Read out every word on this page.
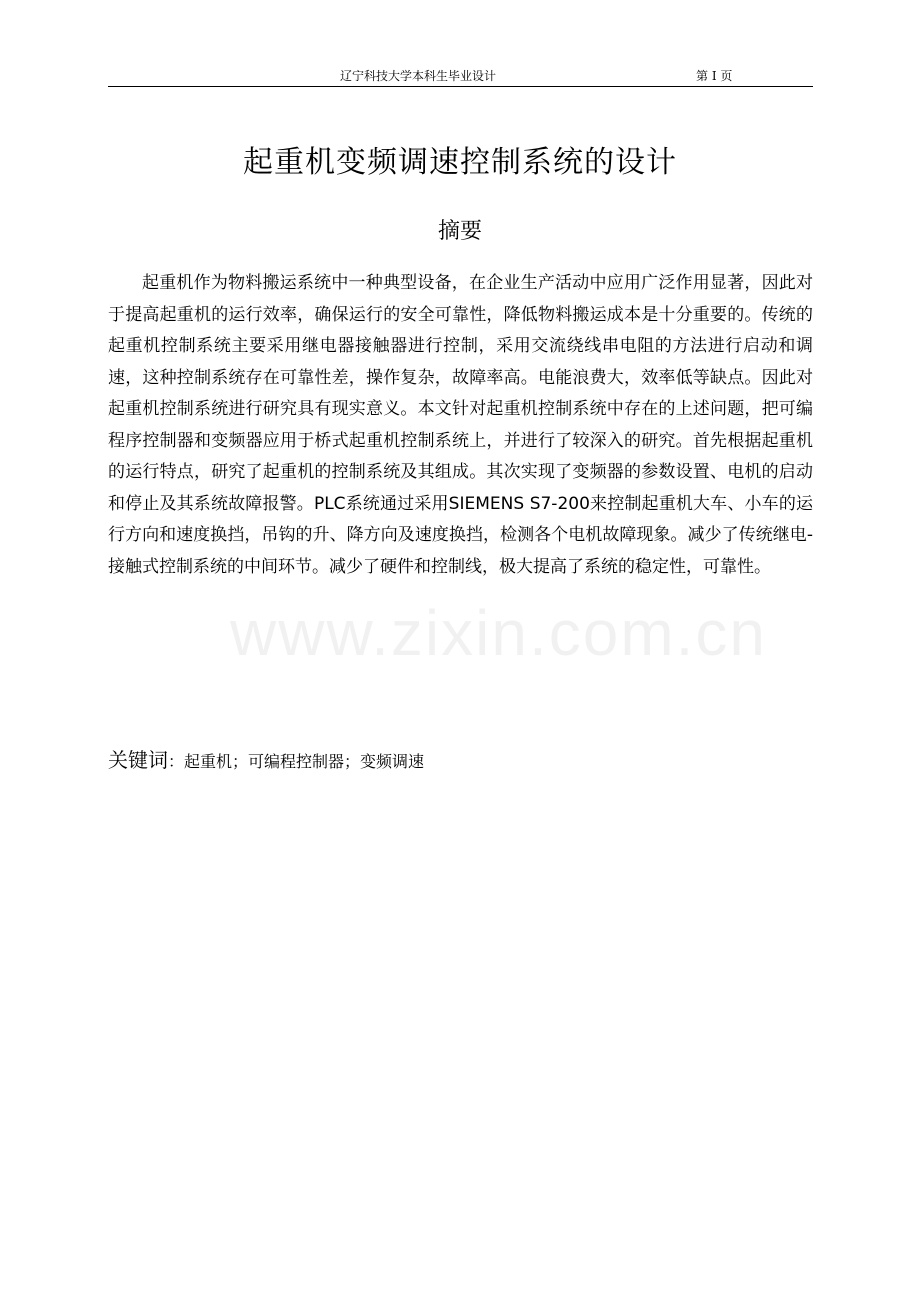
辽宁科技大学本科生毕业设计	第 I 页
起重机变频调速控制系统的设计
摘要

起重机作为物料搬运系统中一种典型设备，在企业生产活动中应用广泛作用显著，因此对于提高起重机的运行效率，确保运行的安全可靠性，降低物料搬运成本是十分重要的。传统的起重机控制系统主要采用继电器接触器进行控制，采用交流绕线串电阻的方法进行启动和调速，这种控制系统存在可靠性差，操作复杂，故障率高。电能浪费大，效率低等缺点。因此对起重机控制系统进行研究具有现实意义。本文针对起重机控制系统中存在的上述问题，把可编程序控制器和变频器应用于桥式起重机控制系统上，并进行了较深入的研究。首先根据起重机的运行特点，研究了起重机的控制系统及其组成。其次实现了变频器的参数设置、电机的启动和停止及其系统故障报警。PLC系统通过采用SIEMENS S7-200来控制起重机大车、小车的运行方向和速度换挡，吊钩的升、降方向及速度换挡，检测各个电机故障现象。减少了传统继电-接触式控制系统的中间环节。减少了硬件和控制线，极大提高了系统的稳定性，可靠性。

关键词：起重机；可编程控制器；变频调速
www.zixin.com.cn
